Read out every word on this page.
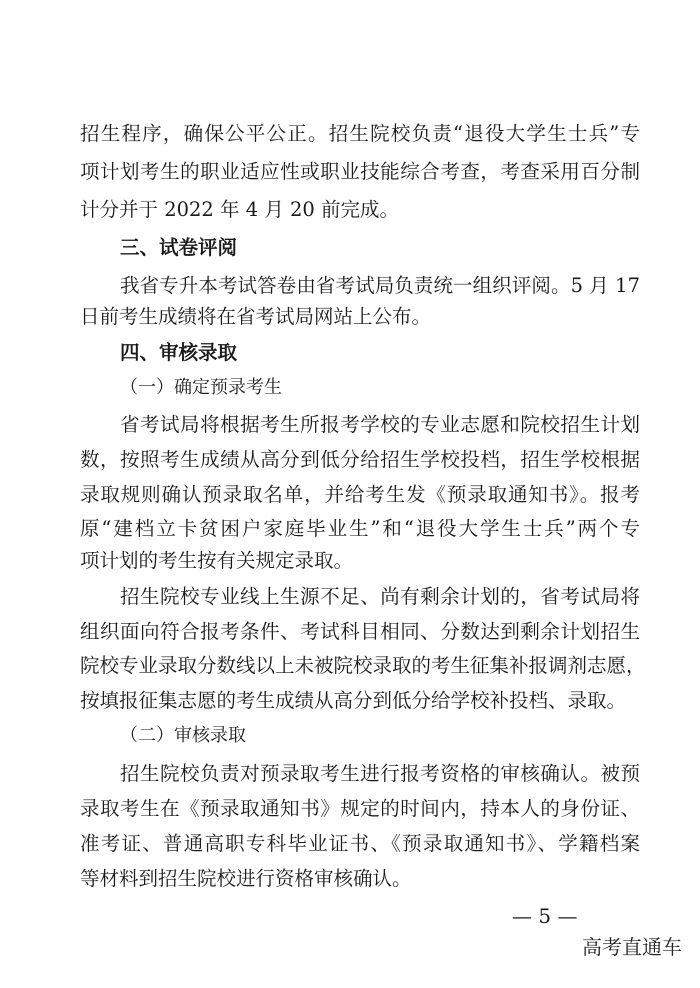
招生程序，确保公平公正。招生院校负责“退役大学生士兵”专
项计划考生的职业适应性或职业技能综合考查，考查采用百分制
计分并于 2022 年 4 月 20 前完成。
三、试卷评阅
我省专升本考试答卷由省考试局负责统一组织评阅。5 月 17
日前考生成绩将在省考试局网站上公布。
四、审核录取
（一）确定预录考生
省考试局将根据考生所报考学校的专业志愿和院校招生计划
数，按照考生成绩从高分到低分给招生学校投档，招生学校根据
录取规则确认预录取名单，并给考生发《预录取通知书》。报考
原“建档立卡贫困户家庭毕业生”和“退役大学生士兵”两个专
项计划的考生按有关规定录取。
招生院校专业线上生源不足、尚有剩余计划的，省考试局将
组织面向符合报考条件、考试科目相同、分数达到剩余计划招生
院校专业录取分数线以上未被院校录取的考生征集补报调剂志愿，
按填报征集志愿的考生成绩从高分到低分给学校补投档、录取。
（二）审核录取
招生院校负责对预录取考生进行报考资格的审核确认。被预
录取考生在《预录取通知书》规定的时间内，持本人的身份证、
准考证、普通高职专科毕业证书、《预录取通知书》、学籍档案
等材料到招生院校进行资格审核确认。
— 5 —
高考直通车
